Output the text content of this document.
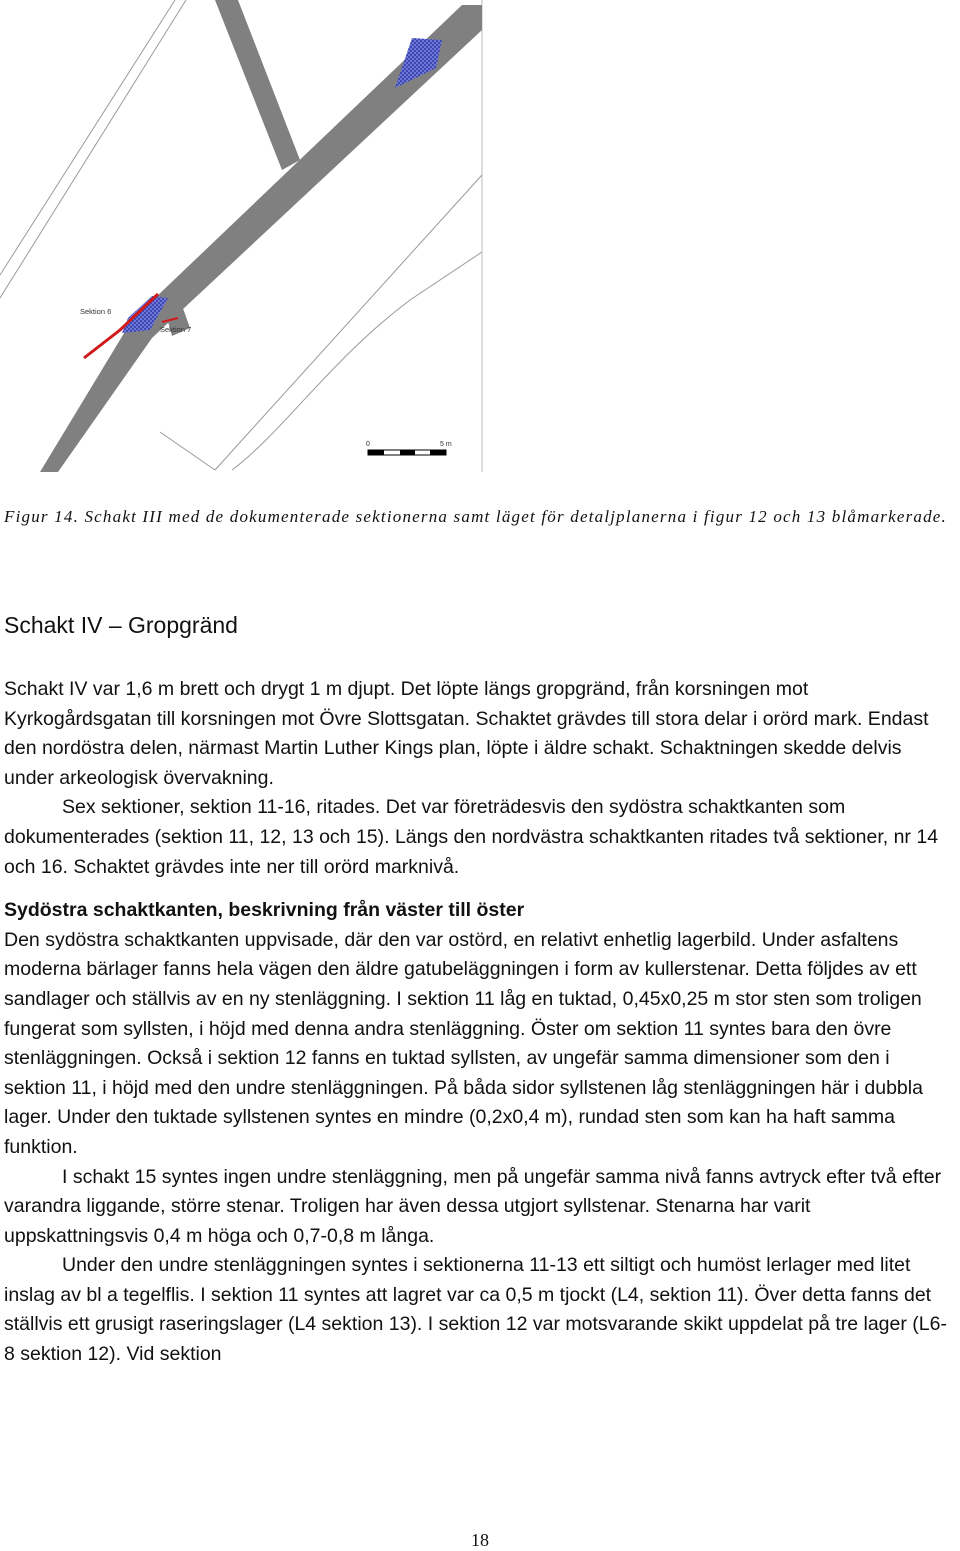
Sektion 6
Sektion 7
0	5 m
Figur 14. Schakt III med de dokumenterade sektionerna samt läget för detaljplanerna i figur 12 och 13 blåmarkerade.
Schakt IV – Gropgränd

Schakt IV var 1,6 m brett och drygt 1 m djupt. Det löpte längs gropgränd, från korsningen mot Kyrkogårdsgatan till korsningen mot Övre Slottsgatan. Schaktet grävdes till stora delar i orörd mark. Endast den nordöstra delen, närmast Martin Luther Kings plan, löpte i äldre schakt. Schaktningen skedde delvis under arkeologisk övervakning.

Sex sektioner, sektion 11-16, ritades. Det var företrädesvis den sydöstra schaktkanten som dokumenterades (sektion 11, 12, 13 och 15). Längs den nordvästra schaktkanten ritades två sektioner, nr 14 och 16. Schaktet grävdes inte ner till orörd marknivå.

Sydöstra schaktkanten, beskrivning från väster till öster

Den sydöstra schaktkanten uppvisade, där den var ostörd, en relativt enhetlig lagerbild. Under asfaltens moderna bärlager fanns hela vägen den äldre gatubeläggningen i form av kullerstenar. Detta följdes av ett sandlager och ställvis av en ny stenläggning. I sektion 11 låg en tuktad, 0,45x0,25 m stor sten som troligen fungerat som syllsten, i höjd med denna andra stenläggning. Öster om sektion 11 syntes bara den övre stenläggningen. Också i sektion 12 fanns en tuktad syllsten, av ungefär samma dimensioner som den i sektion 11, i höjd med den undre stenläggningen. På båda sidor syllstenen låg stenläggningen här i dubbla lager. Under den tuktade syllstenen syntes en mindre (0,2x0,4 m), rundad sten som kan ha haft samma funktion.

I schakt 15 syntes ingen undre stenläggning, men på ungefär samma nivå fanns avtryck efter två efter varandra liggande, större stenar. Troligen har även dessa utgjort syllstenar. Stenarna har varit uppskattningsvis 0,4 m höga och 0,7-0,8 m långa.

Under den undre stenläggningen syntes i sektionerna 11-13 ett siltigt och humöst lerlager med litet inslag av bl a tegelflis. I sektion 11 syntes att lagret var ca 0,5 m tjockt (L4, sektion 11). Över detta fanns det ställvis ett grusigt raseringslager (L4 sektion 13). I sektion 12 var motsvarande skikt uppdelat på tre lager (L6-8 sektion 12). Vid sektion

18
